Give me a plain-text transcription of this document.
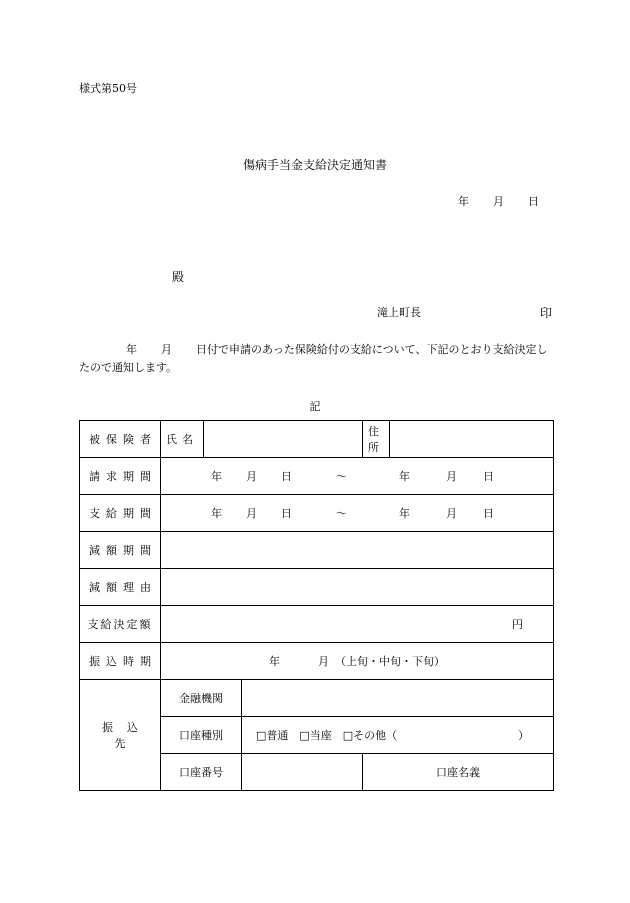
様式第50号
傷病手当金支給決定通知書
年 月 日
殿
滝上町長	印
年 月 日付で申請のあった保険給付の支給について、下記のとおり支給決定したので通知します。
記
被保険者	氏名			住所		
請求期間	年 月 日 ～ 年 月 日					
支給期間	年 月 日 ～ 年 月 日					
減額期間						
減額理由						
支給決定額	円					
振込時期	年 月 （上旬・中旬・下旬）					
振込先	金融機関					
	口座種別		□普通　□当座　□その他（　　　　　　　　　　　）			
	口座番号			口座名義		
